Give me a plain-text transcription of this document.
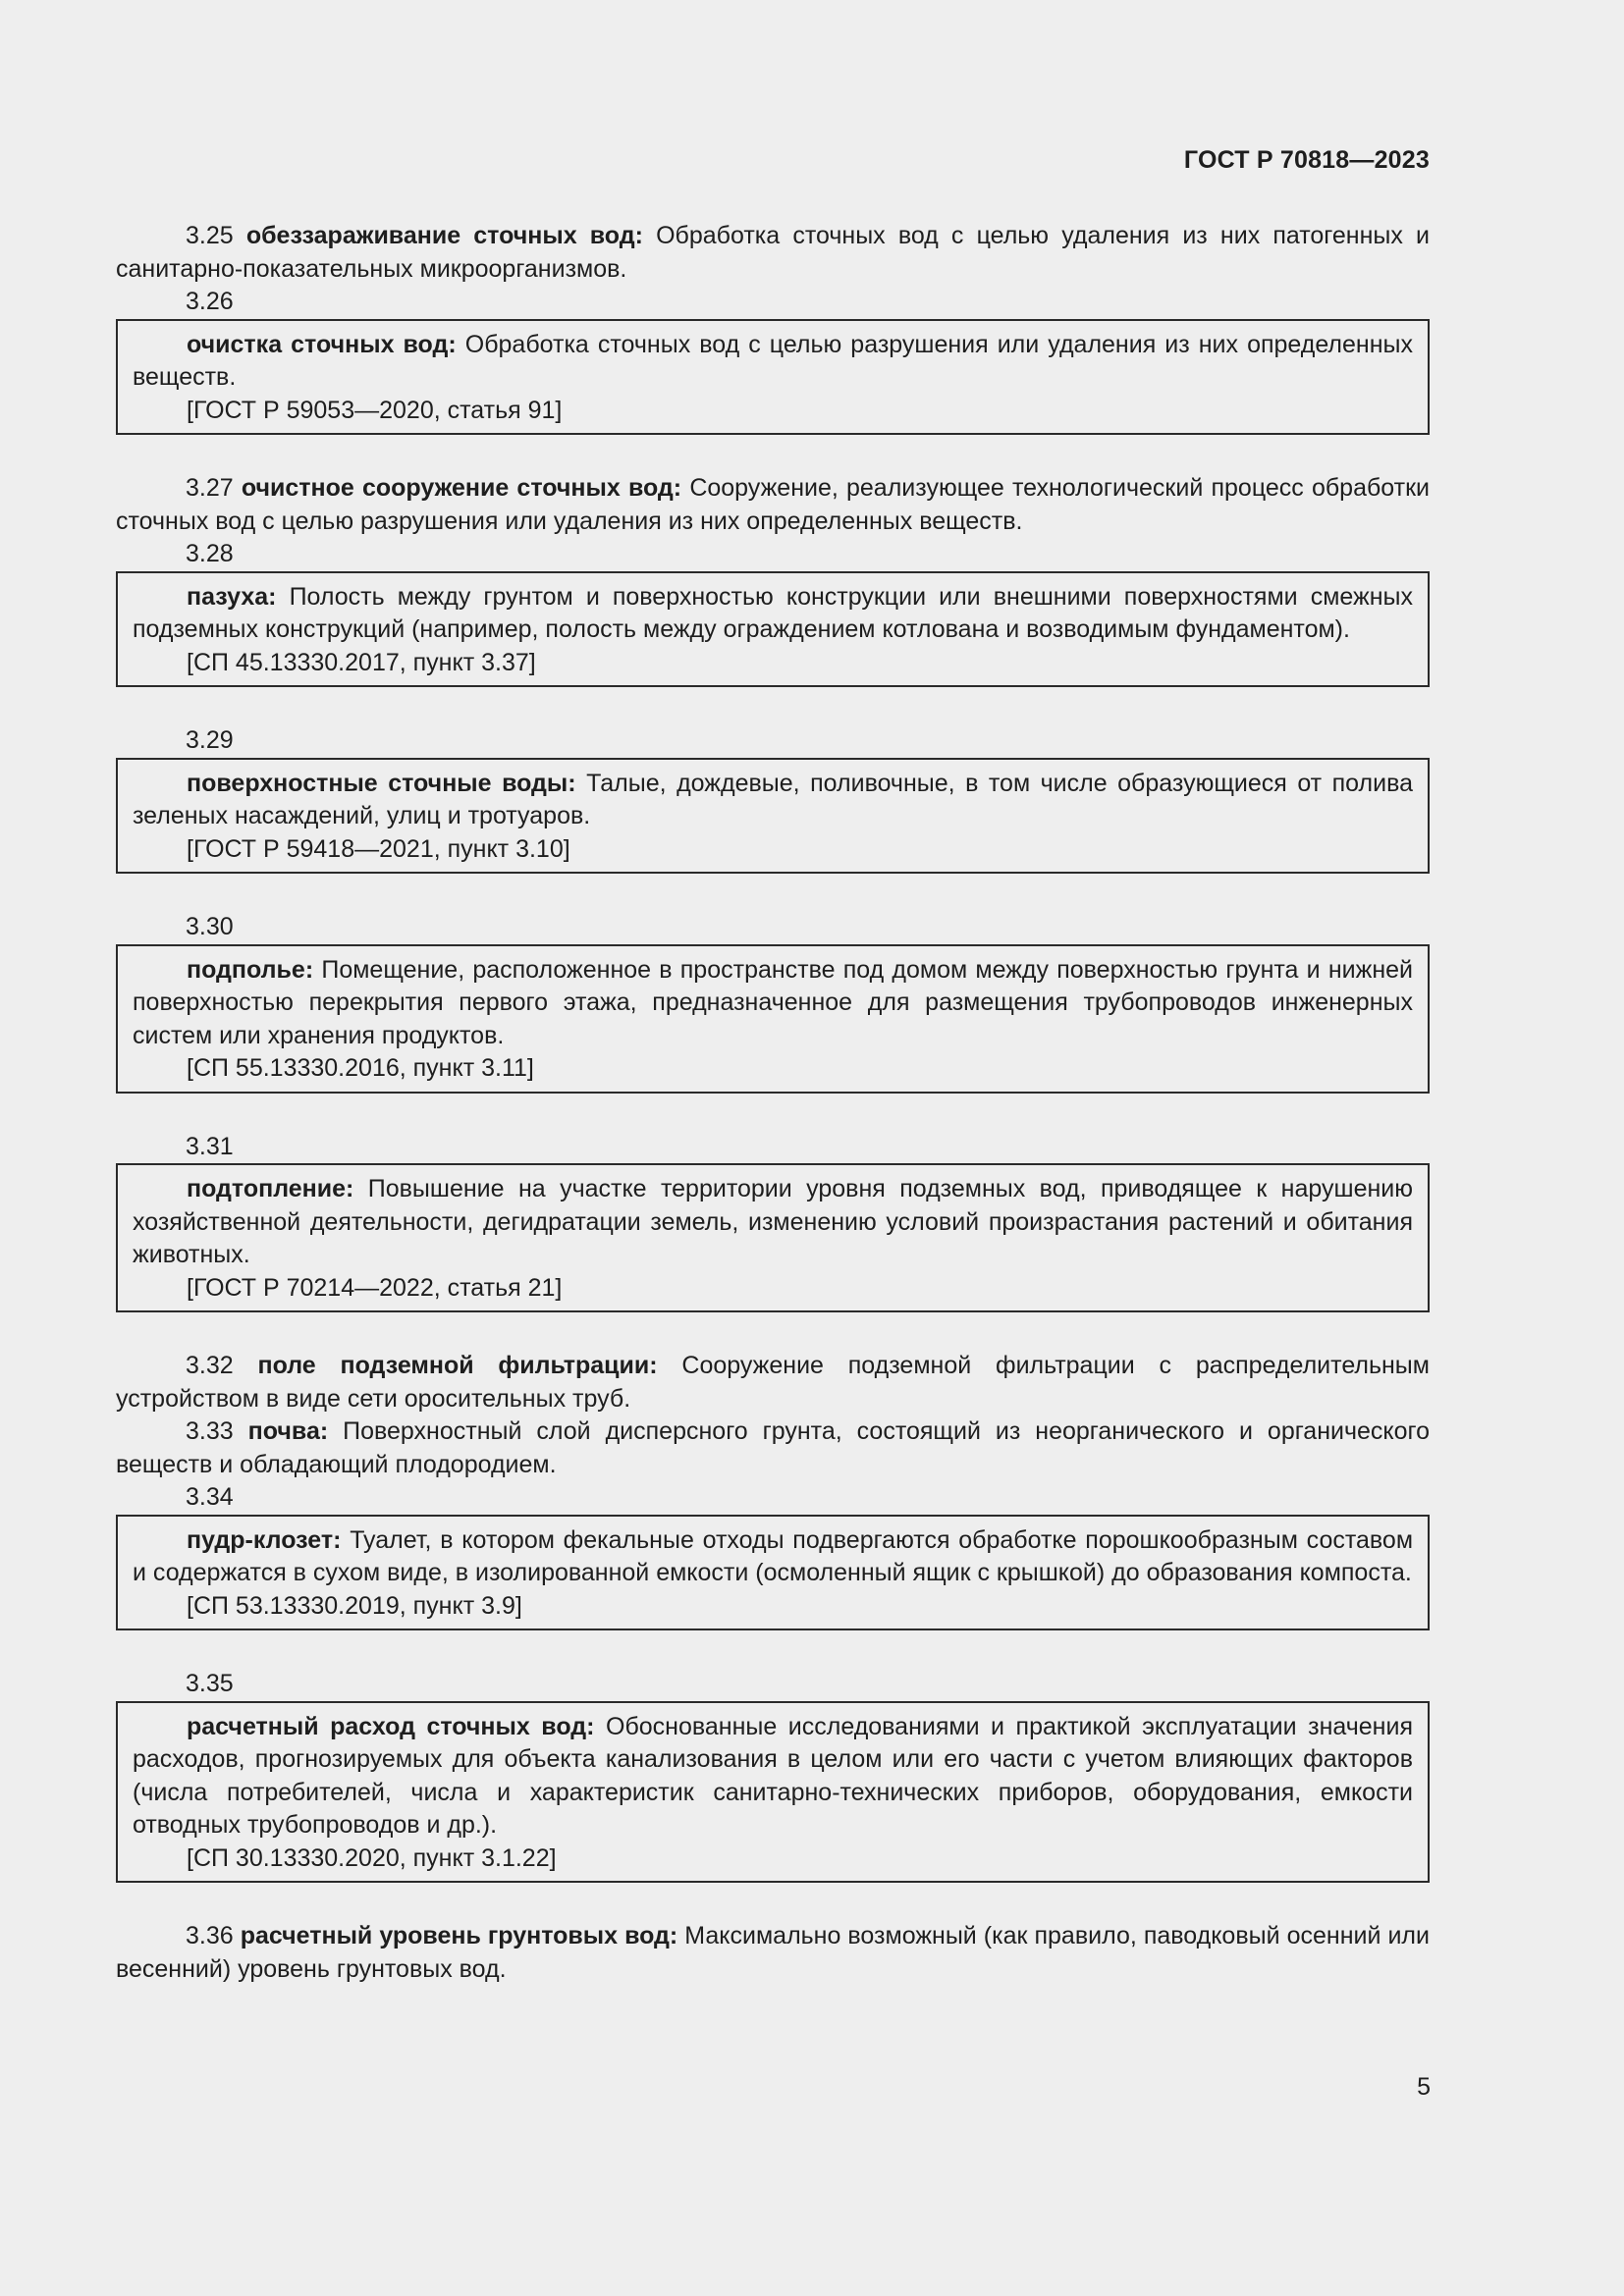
ГОСТ Р 70818—2023

3.25 обеззараживание сточных вод: Обработка сточных вод с целью удаления из них патогенных и санитарно-показательных микроорганизмов.

3.26

очистка сточных вод: Обработка сточных вод с целью разрушения или удаления из них определенных веществ.

[ГОСТ Р 59053—2020, статья 91]

3.27 очистное сооружение сточных вод: Сооружение, реализующее технологический процесс обработки сточных вод с целью разрушения или удаления из них определенных веществ.

3.28

пазуха: Полость между грунтом и поверхностью конструкции или внешними поверхностями смежных подземных конструкций (например, полость между ограждением котлована и возводимым фундаментом).

[СП 45.13330.2017, пункт 3.37]

3.29

поверхностные сточные воды: Талые, дождевые, поливочные, в том числе образующиеся от полива зеленых насаждений, улиц и тротуаров.

[ГОСТ Р 59418—2021, пункт 3.10]

3.30

подполье: Помещение, расположенное в пространстве под домом между поверхностью грунта и нижней поверхностью перекрытия первого этажа, предназначенное для размещения трубопроводов инженерных систем или хранения продуктов.

[СП 55.13330.2016, пункт 3.11]

3.31

подтопление: Повышение на участке территории уровня подземных вод, приводящее к нарушению хозяйственной деятельности, дегидратации земель, изменению условий произрастания растений и обитания животных.

[ГОСТ Р 70214—2022, статья 21]

3.32 поле подземной фильтрации: Сооружение подземной фильтрации с распределительным устройством в виде сети оросительных труб.

3.33 почва: Поверхностный слой дисперсного грунта, состоящий из неорганического и органического веществ и обладающий плодородием.

3.34

пудр-клозет: Туалет, в котором фекальные отходы подвергаются обработке порошкообразным составом и содержатся в сухом виде, в изолированной емкости (осмоленный ящик с крышкой) до образования компоста.

[СП 53.13330.2019, пункт 3.9]

3.35

расчетный расход сточных вод: Обоснованные исследованиями и практикой эксплуатации значения расходов, прогнозируемых для объекта канализования в целом или его части с учетом влияющих факторов (числа потребителей, числа и характеристик санитарно-технических приборов, оборудования, емкости отводных трубопроводов и др.).

[СП 30.13330.2020, пункт 3.1.22]

3.36 расчетный уровень грунтовых вод: Максимально возможный (как правило, паводковый осенний или весенний) уровень грунтовых вод.

5
